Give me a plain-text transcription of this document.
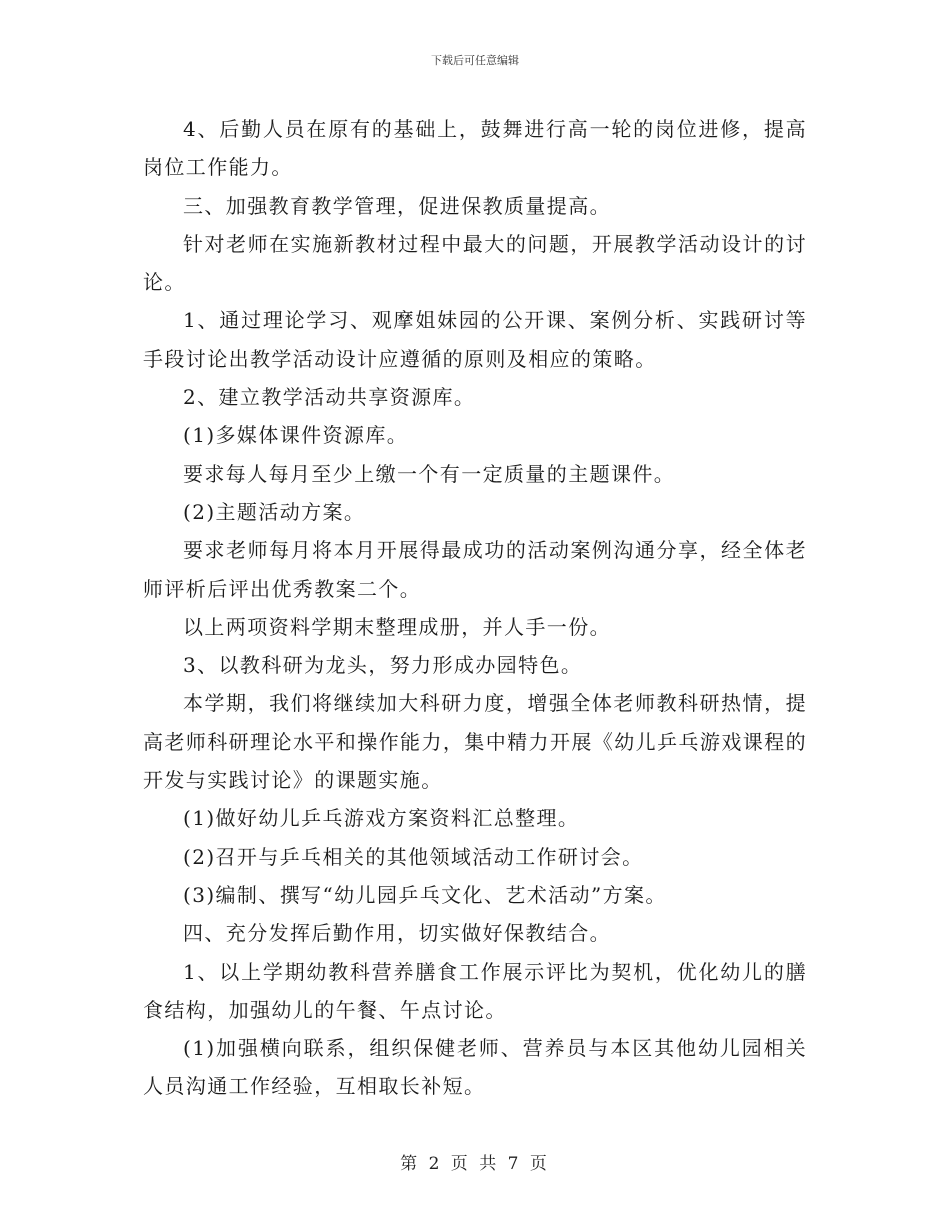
下载后可任意编辑

4、后勤人员在原有的基础上，鼓舞进行高一轮的岗位进修，提高岗位工作能力。

三、加强教育教学管理，促进保教质量提高。

针对老师在实施新教材过程中最大的问题，开展教学活动设计的讨论。

1、通过理论学习、观摩姐妹园的公开课、案例分析、实践研讨等手段讨论出教学活动设计应遵循的原则及相应的策略。

2、建立教学活动共享资源库。

(1)多媒体课件资源库。

要求每人每月至少上缴一个有一定质量的主题课件。

(2)主题活动方案。

要求老师每月将本月开展得最成功的活动案例沟通分享，经全体老师评析后评出优秀教案二个。

以上两项资料学期末整理成册，并人手一份。

3、以教科研为龙头，努力形成办园特色。

本学期，我们将继续加大科研力度，增强全体老师教科研热情，提高老师科研理论水平和操作能力，集中精力开展《幼儿乒乓游戏课程的开发与实践讨论》的课题实施。

(1)做好幼儿乒乓游戏方案资料汇总整理。

(2)召开与乒乓相关的其他领域活动工作研讨会。

(3)编制、撰写“幼儿园乒乓文化、艺术活动”方案。

四、充分发挥后勤作用，切实做好保教结合。

1、以上学期幼教科营养膳食工作展示评比为契机，优化幼儿的膳食结构，加强幼儿的午餐、午点讨论。

(1)加强横向联系，组织保健老师、营养员与本区其他幼儿园相关人员沟通工作经验，互相取长补短。

第 2 页 共 7 页
